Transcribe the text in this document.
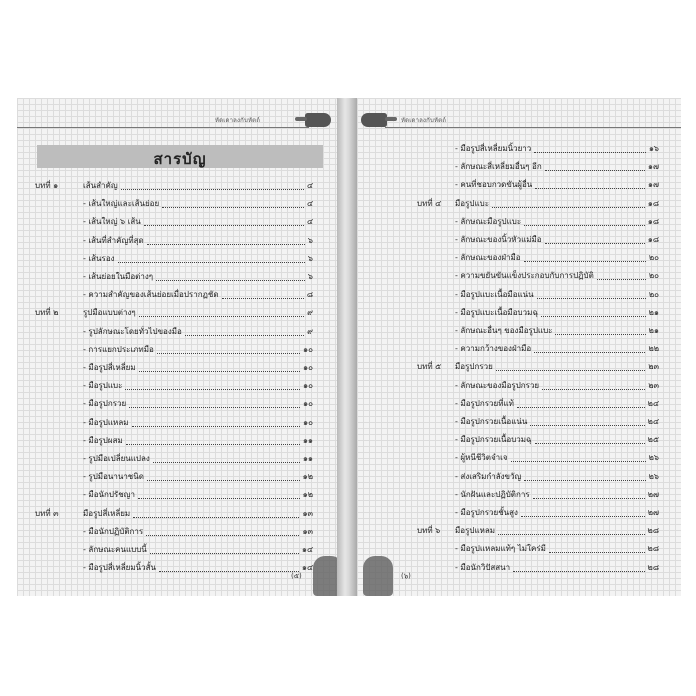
หัดเดาลงกับหัตถ์
สารบัญ
บทที่ ๑	เส้นสำคัญ	๔
- เส้นใหญ่และเส้นย่อย	๔
- เส้นใหญ่ ๖ เส้น	๔
- เส้นที่สำคัญที่สุด	๖
- เส้นรอง	๖
- เส้นย่อยในมือต่างๆ	๖
- ความสำคัญของเส้นย่อยเมื่อปรากฏชัด	๘
บทที่ ๒	รูปมือแบบต่างๆ	๙
- รูปลักษณะโดยทั่วไปของมือ	๙
- การแยกประเภทมือ	๑๐
- มือรูปสี่เหลี่ยม	๑๐
- มือรูปแบะ	๑๐
- มือรูปกรวย	๑๐
- มือรูปแหลม	๑๐
- มือรูปผสม	๑๑
- รูปมือเปลี่ยนแปลง	๑๑
- รูปมือนานาชนิด	๑๒
- มือนักปรัชญา	๑๒
บทที่ ๓	มือรูปสี่เหลี่ยม	๑๓
- มือนักปฏิบัติการ	๑๓
- ลักษณะคนแบบนี้	๑๔
- มือรูปสี่เหลี่ยมนิ้วสั้น	๑๔
(๕)
หัดเดาลงกับหัตถ์
- มือรูปสี่เหลี่ยมนิ้วยาว	๑๖
- ลักษณะสี่เหลี่ยมอื่นๆ อีก	๑๗
- คนที่ชอบกวดขันผู้อื่น	๑๗
บทที่ ๔ มือรูปแบะ	๑๘
- ลักษณะมือรูปแบะ	๑๘
- ลักษณะของนิ้วหัวแม่มือ	๑๘
- ลักษณะของฝ่ามือ	๒๐
- ความขยันขันแข็งประกอบกับการปฏิบัติ	๒๐
- มือรูปแบะเนื้อมือแน่น	๒๐
- มือรูปแบะเนื้อมือบวมฉุ	๒๑
- ลักษณะอื่นๆ ของมือรูปแบะ	๒๑
- ความกว้างของฝ่ามือ	๒๒
บทที่ ๕ มือรูปกรวย	๒๓
- ลักษณะของมือรูปกรวย	๒๓
- มือรูปกรวยที่แท้	๒๔
- มือรูปกรวยเนื้อแน่น	๒๔
- มือรูปกรวยเนื้อบวมฉุ	๒๕
- ผู้หนีชีวิตจำเจ	๒๖
- ส่งเสริมกำลังขวัญ	๒๖
- นักฝันและปฏิบัติการ	๒๗
- มือรูปกรวยชั้นสูง	๒๗
บทที่ ๖ มือรูปแหลม	๒๘
- มือรูปแหลมแท้ๆ ไม่ใคร่มี	๒๘
- มือนักวิปัสสนา	๒๘
(๖)
